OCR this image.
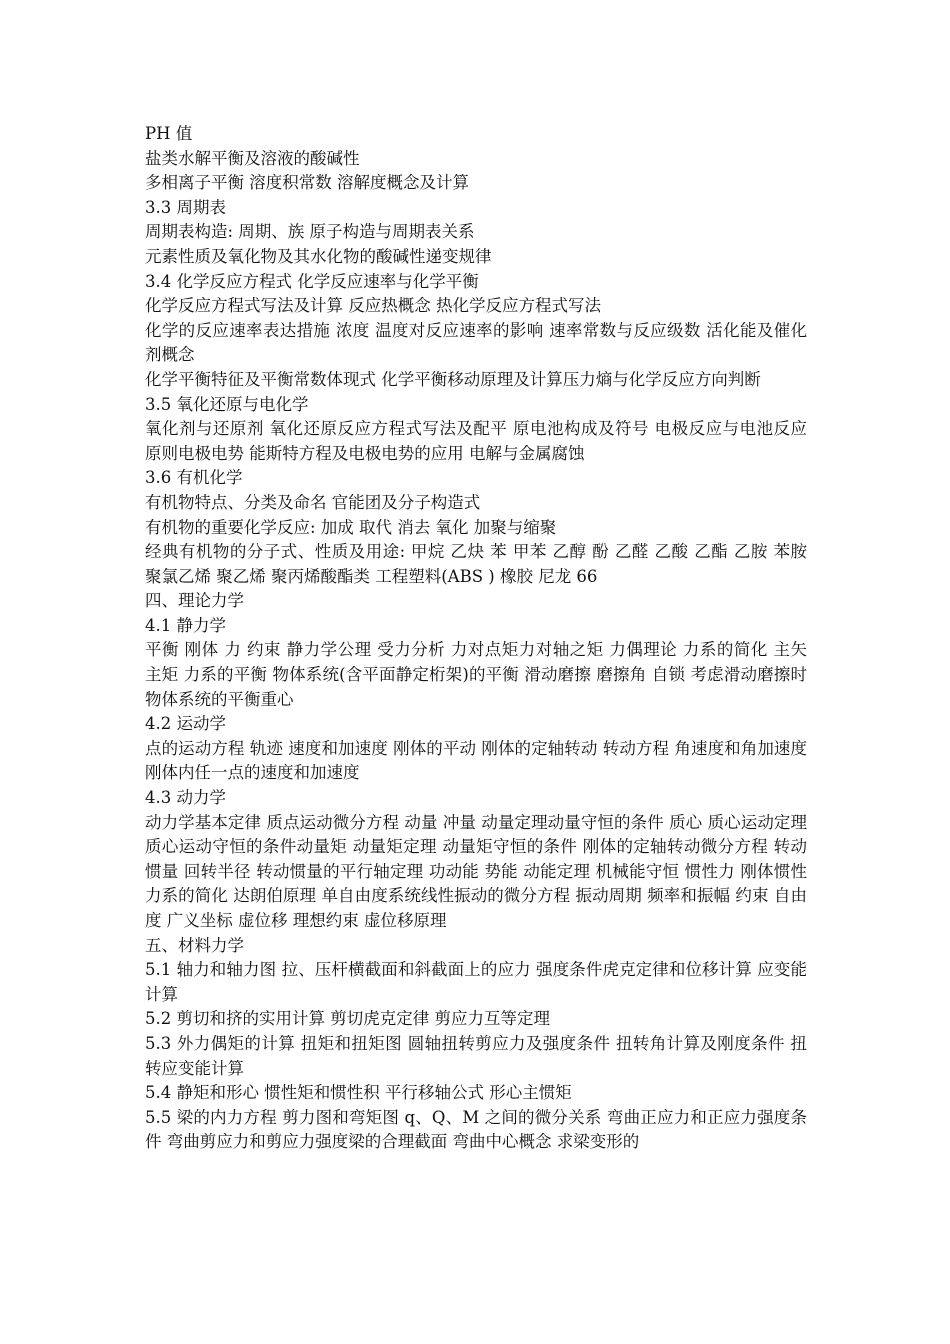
PH 值

盐类水解平衡及溶液的酸碱性

多相离子平衡 溶度积常数 溶解度概念及计算

3.3 周期表

周期表构造: 周期、族 原子构造与周期表关系

元素性质及氧化物及其水化物的酸碱性递变规律

3.4 化学反应方程式 化学反应速率与化学平衡

化学反应方程式写法及计算 反应热概念 热化学反应方程式写法

化学的反应速率表达措施 浓度 温度对反应速率的影响 速率常数与反应级数 活化能及催化剂概念

化学平衡特征及平衡常数体现式 化学平衡移动原理及计算压力熵与化学反应方向判断

3.5 氧化还原与电化学

氧化剂与还原剂 氧化还原反应方程式写法及配平 原电池构成及符号 电极反应与电池反应 原则电极电势 能斯特方程及电极电势的应用 电解与金属腐蚀

3.6 有机化学

有机物特点、分类及命名 官能团及分子构造式

有机物的重要化学反应: 加成 取代 消去 氧化 加聚与缩聚

经典有机物的分子式、性质及用途: 甲烷 乙炔 苯 甲苯 乙醇 酚 乙醛 乙酸 乙酯 乙胺 苯胺 聚氯乙烯 聚乙烯 聚丙烯酸酯类 工程塑料(ABS ) 橡胶 尼龙 66

四、理论力学

4.1 静力学

平衡 刚体 力 约束 静力学公理 受力分析 力对点矩力对轴之矩 力偶理论 力系的简化 主矢 主矩 力系的平衡 物体系统(含平面静定桁架)的平衡 滑动磨擦 磨擦角 自锁 考虑滑动磨擦时物体系统的平衡重心

4.2 运动学

点的运动方程 轨迹 速度和加速度 刚体的平动 刚体的定轴转动 转动方程 角速度和角加速度 刚体内任一点的速度和加速度

4.3 动力学

动力学基本定律 质点运动微分方程 动量 冲量 动量定理动量守恒的条件 质心 质心运动定理 质心运动守恒的条件动量矩 动量矩定理 动量矩守恒的条件 刚体的定轴转动微分方程 转动惯量 回转半径 转动惯量的平行轴定理 功动能 势能 动能定理 机械能守恒 惯性力 刚体惯性力系的简化 达朗伯原理 单自由度系统线性振动的微分方程 振动周期 频率和振幅 约束 自由度 广义坐标 虚位移 理想约束 虚位移原理

五、材料力学

5.1 轴力和轴力图 拉、压杆横截面和斜截面上的应力 强度条件虎克定律和位移计算 应变能计算

5.2 剪切和挤的实用计算 剪切虎克定律 剪应力互等定理

5.3 外力偶矩的计算 扭矩和扭矩图 圆轴扭转剪应力及强度条件 扭转角计算及刚度条件 扭转应变能计算

5.4 静矩和形心 惯性矩和惯性积 平行移轴公式 形心主惯矩

5.5 梁的内力方程 剪力图和弯矩图 q、Q、M 之间的微分关系 弯曲正应力和正应力强度条件 弯曲剪应力和剪应力强度梁的合理截面 弯曲中心概念 求梁变形的
